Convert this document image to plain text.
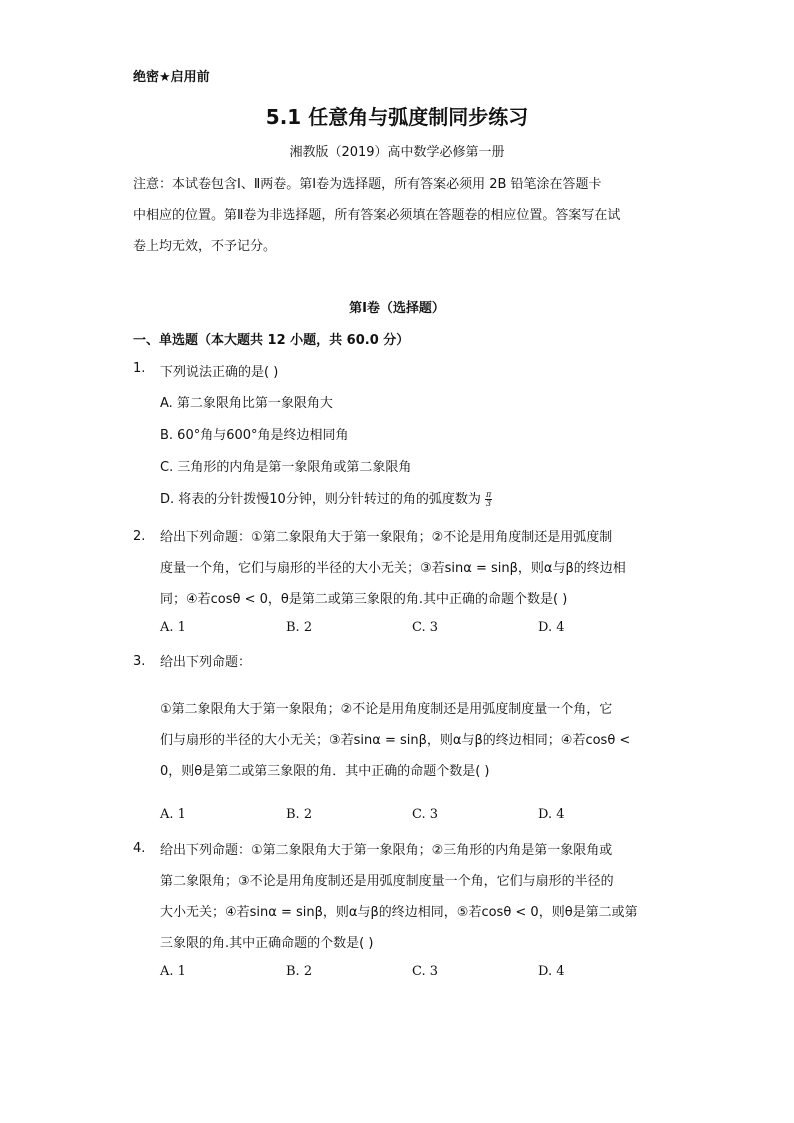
绝密★启用前
5.1 任意角与弧度制同步练习
湘教版（2019）高中数学必修第一册
注意：本试卷包含Ⅰ、Ⅱ两卷。第Ⅰ卷为选择题，所有答案必须用 2B 铅笔涂在答题卡
中相应的位置。第Ⅱ卷为非选择题，所有答案必须填在答题卷的相应位置。答案写在试
卷上均无效，不予记分。
第Ⅰ卷（选择题）
一、单选题（本大题共 12 小题，共 60.0 分）
1. 下列说法正确的是( )
A. 第二象限角比第一象限角大
B. 60°角与600°角是终边相同角
C. 三角形的内角是第一象限角或第二象限角
D. 将表的分针拨慢10分钟，则分针转过的角的弧度数为 $\frac{\pi}{3}$
2. 给出下列命题：①第二象限角大于第一象限角；②不论是用角度制还是用弧度制
度量一个角，它们与扇形的半径的大小无关；③若sinα = sinβ，则α与β的终边相
同；④若cosθ < 0，θ是第二或第三象限的角.其中正确的命题个数是( )
A. 1	B. 2	C. 3	D. 4
3. 给出下列命题：
①第二象限角大于第一象限角；②不论是用角度制还是用弧度制度量一个角，它
们与扇形的半径的大小无关；③若sinα = sinβ，则α与β的终边相同；④若cosθ <
0，则θ是第二或第三象限的角．其中正确的命题个数是( )
A. 1	B. 2	C. 3	D. 4
4. 给出下列命题：①第二象限角大于第一象限角；②三角形的内角是第一象限角或
第二象限角；③不论是用角度制还是用弧度制度量一个角，它们与扇形的半径的
大小无关；④若sinα = sinβ，则α与β的终边相同，⑤若cosθ < 0，则θ是第二或第
三象限的角.其中正确命题的个数是( )
A. 1	B. 2	C. 3	D. 4
